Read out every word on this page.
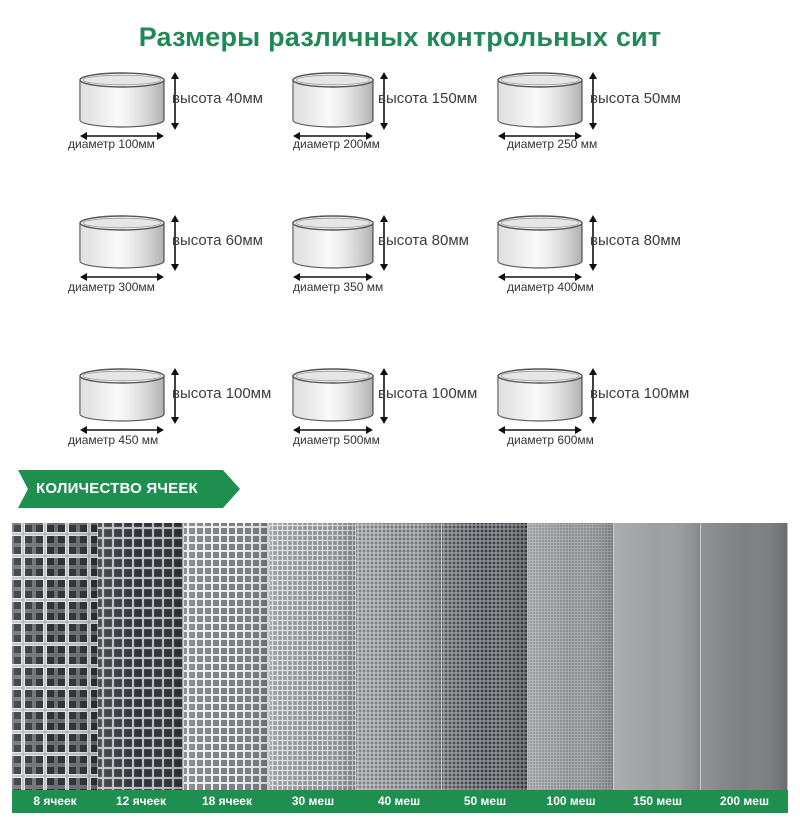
Размеры различных контрольных сит
высота 40мм
диаметр 100мм
высота 150мм
диаметр 200мм
высота 50мм
диаметр 250 мм
высота 60мм
диаметр 300мм
высота 80мм
диаметр 350 мм
высота 80мм
диаметр 400мм
высота 100мм
диаметр 450 мм
высота 100мм
диаметр 500мм
высота 100мм
диаметр 600мм
КОЛИЧЕСТВО ЯЧЕЕК
8 ячеек	12 ячеек	18 ячеек	30 меш	40 меш	50 меш	100 меш	150 меш	200 меш
